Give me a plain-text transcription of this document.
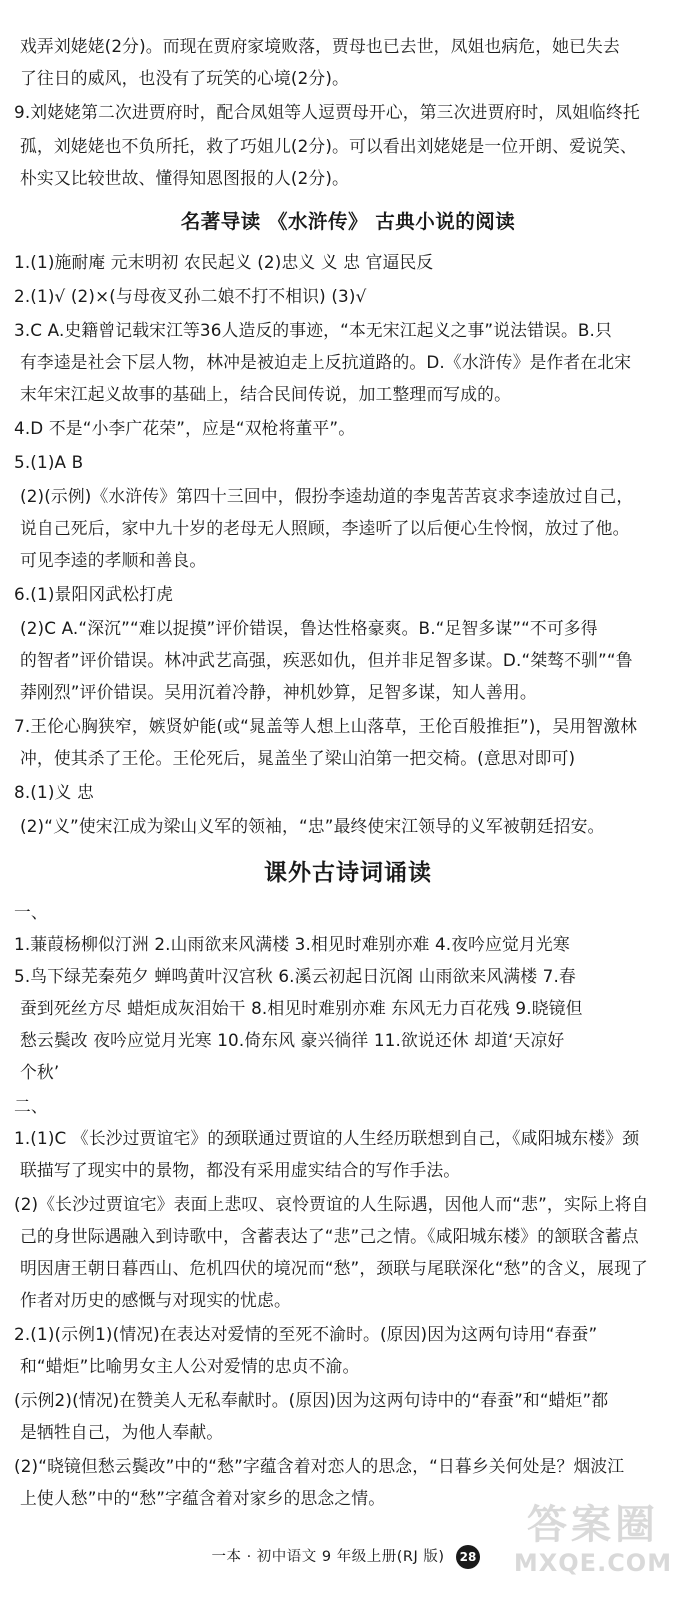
戏弄刘姥姥(2分)。而现在贾府家境败落，贾母也已去世，凤姐也病危，她已失去
了往日的威风，也没有了玩笑的心境(2分)。
9.刘姥姥第二次进贾府时，配合凤姐等人逗贾母开心，第三次进贾府时，凤姐临终托
孤，刘姥姥也不负所托，救了巧姐儿(2分)。可以看出刘姥姥是一位开朗、爱说笑、
朴实又比较世故、懂得知恩图报的人(2分)。
名著导读 《水浒传》 古典小说的阅读
1.(1)施耐庵 元末明初 农民起义 (2)忠义 义 忠 官逼民反
2.(1)√ (2)×(与母夜叉孙二娘不打不相识) (3)√
3.C A.史籍曾记载宋江等36人造反的事迹，“本无宋江起义之事”说法错误。B.只
有李逵是社会下层人物，林冲是被迫走上反抗道路的。D.《水浒传》是作者在北宋
末年宋江起义故事的基础上，结合民间传说，加工整理而写成的。
4.D 不是“小李广花荣”，应是“双枪将董平”。
5.(1)A B
(2)(示例)《水浒传》第四十三回中，假扮李逵劫道的李鬼苦苦哀求李逵放过自己，
说自己死后，家中九十岁的老母无人照顾，李逵听了以后便心生怜悯，放过了他。
可见李逵的孝顺和善良。
6.(1)景阳冈武松打虎
(2)C A.“深沉”“难以捉摸”评价错误，鲁达性格豪爽。B.“足智多谋”“不可多得
的智者”评价错误。林冲武艺高强，疾恶如仇，但并非足智多谋。D.“桀骜不驯”“鲁
莽刚烈”评价错误。吴用沉着冷静，神机妙算，足智多谋，知人善用。
7.王伦心胸狭窄，嫉贤妒能(或“晁盖等人想上山落草，王伦百般推拒”)，吴用智激林
冲，使其杀了王伦。王伦死后，晁盖坐了梁山泊第一把交椅。(意思对即可)
8.(1)义 忠
(2)“义”使宋江成为梁山义军的领袖，“忠”最终使宋江领导的义军被朝廷招安。
课外古诗词诵读
一、
1.蒹葭杨柳似汀洲 2.山雨欲来风满楼 3.相见时难别亦难 4.夜吟应觉月光寒
5.鸟下绿芜秦苑夕 蝉鸣黄叶汉宫秋 6.溪云初起日沉阁 山雨欲来风满楼 7.春
蚕到死丝方尽 蜡炬成灰泪始干 8.相见时难别亦难 东风无力百花残 9.晓镜但
愁云鬓改 夜吟应觉月光寒 10.倚东风 豪兴徜徉 11.欲说还休 却道‘天凉好
个秋’
二、
1.(1)C 《长沙过贾谊宅》的颈联通过贾谊的人生经历联想到自己，《咸阳城东楼》颈
联描写了现实中的景物，都没有采用虚实结合的写作手法。
(2)《长沙过贾谊宅》表面上悲叹、哀怜贾谊的人生际遇，因他人而“悲”，实际上将自
己的身世际遇融入到诗歌中，含蓄表达了“悲”己之情。《咸阳城东楼》的颔联含蓄点
明因唐王朝日暮西山、危机四伏的境况而“愁”，颈联与尾联深化“愁”的含义，展现了
作者对历史的感慨与对现实的忧虑。
2.(1)(示例1)(情况)在表达对爱情的至死不渝时。(原因)因为这两句诗用“春蚕”
和“蜡炬”比喻男女主人公对爱情的忠贞不渝。
(示例2)(情况)在赞美人无私奉献时。(原因)因为这两句诗中的“春蚕”和“蜡炬”都
是牺牲自己，为他人奉献。
(2)“晓镜但愁云鬓改”中的“愁”字蕴含着对恋人的思念，“日暮乡关何处是？烟波江
上使人愁”中的“愁”字蕴含着对家乡的思念之情。
答案圈
MXQE.COM
一本 · 初中语文 9 年级上册(RJ 版)	28
